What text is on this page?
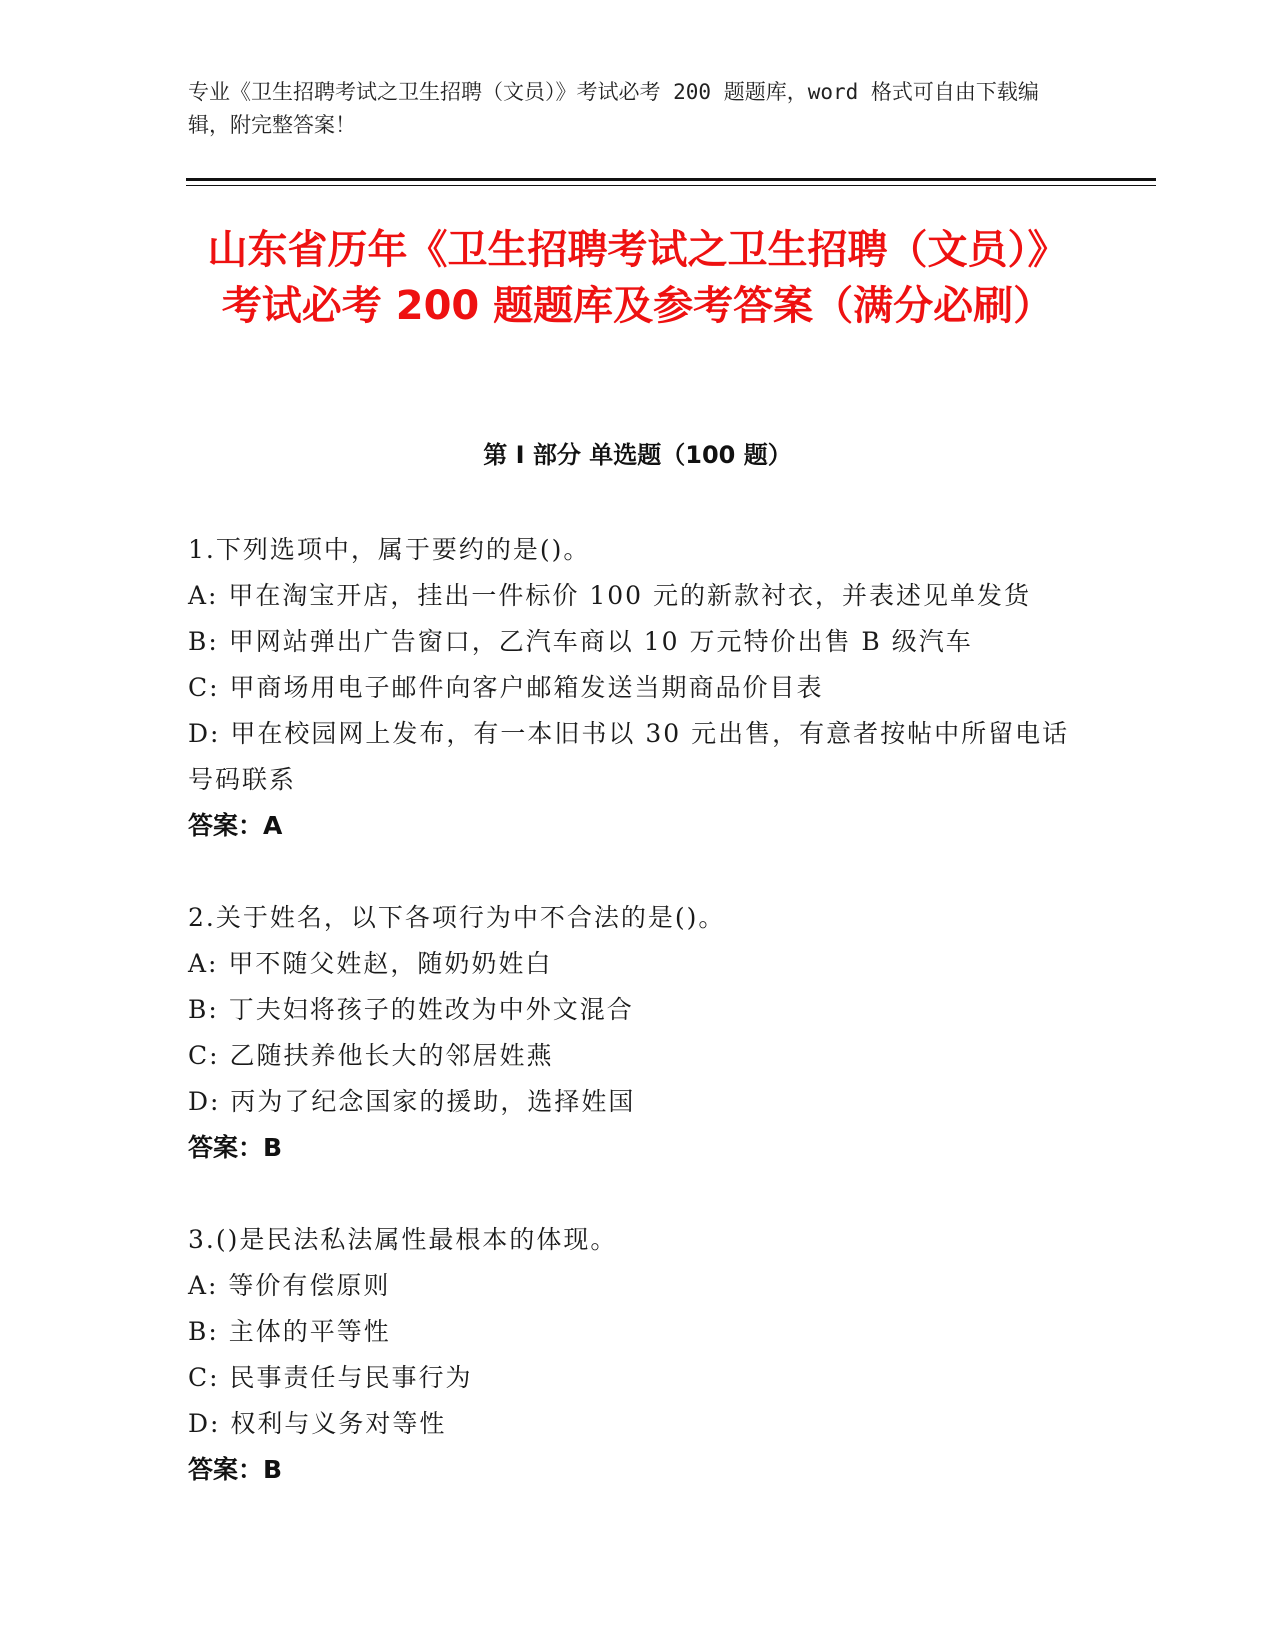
专业《卫生招聘考试之卫生招聘（文员）》考试必考 200 题题库，word 格式可自由下载编辑，附完整答案！
山东省历年《卫生招聘考试之卫生招聘（文员）》考试必考 200 题题库及参考答案（满分必刷）
第 I 部分 单选题（100 题）
1.下列选项中，属于要约的是()。
A: 甲在淘宝开店，挂出一件标价 100 元的新款衬衣，并表述见单发货
B: 甲网站弹出广告窗口，乙汽车商以 10 万元特价出售 B 级汽车
C: 甲商场用电子邮件向客户邮箱发送当期商品价目表
D: 甲在校园网上发布，有一本旧书以 30 元出售，有意者按帖中所留电话号码联系
答案：A
2.关于姓名，以下各项行为中不合法的是()。
A: 甲不随父姓赵，随奶奶姓白
B: 丁夫妇将孩子的姓改为中外文混合
C: 乙随扶养他长大的邻居姓燕
D: 丙为了纪念国家的援助，选择姓国
答案：B
3.()是民法私法属性最根本的体现。
A: 等价有偿原则
B: 主体的平等性
C: 民事责任与民事行为
D: 权利与义务对等性
答案：B
